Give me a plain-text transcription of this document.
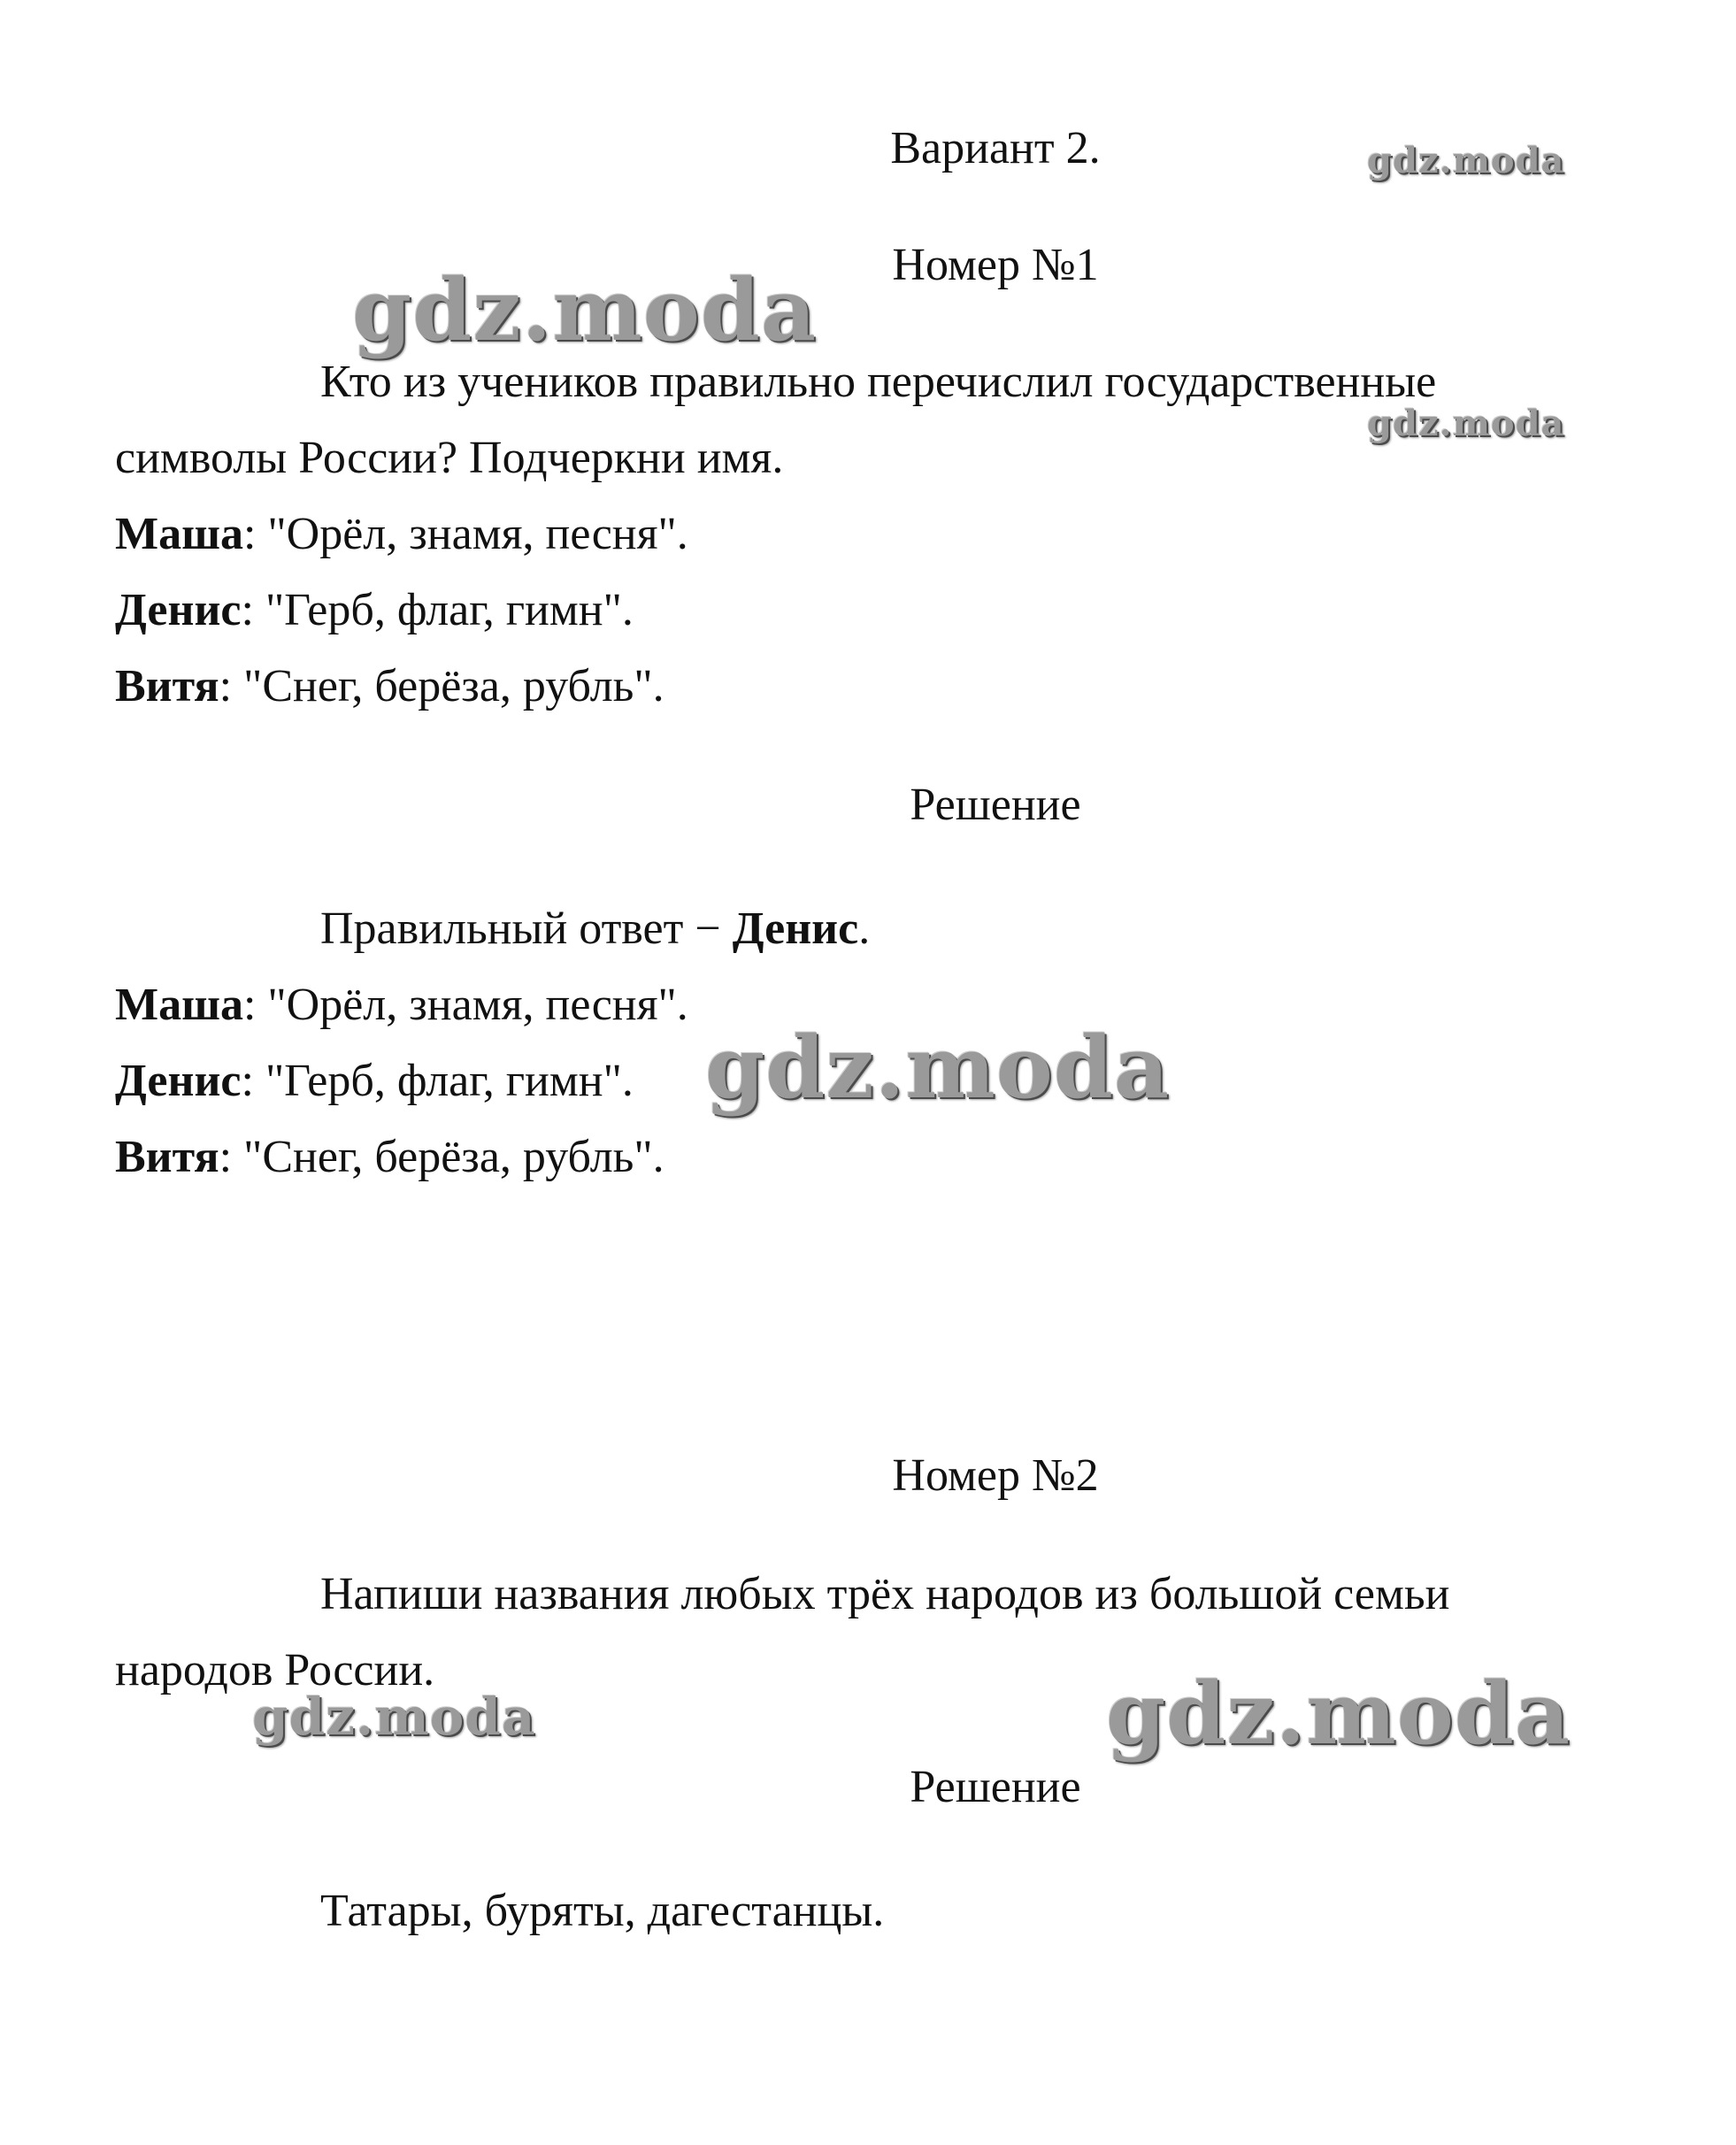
Вариант 2.
Номер №1
Кто из учеников правильно перечислил государственные
символы России? Подчеркни имя.
Маша: "Орёл, знамя, песня".
Денис: "Герб, флаг, гимн".
Витя: "Снег, берёза, рубль".
Решение
Правильный ответ − Денис.
Маша: "Орёл, знамя, песня".
Денис: "Герб, флаг, гимн".
Витя: "Снег, берёза, рубль".
Номер №2
Напиши названия любых трёх народов из большой семьи
народов России.
Решение
Татары, буряты, дагестанцы.
gdz.moda
gdz.moda
gdz.moda
gdz.moda
gdz.moda	gdz.moda
